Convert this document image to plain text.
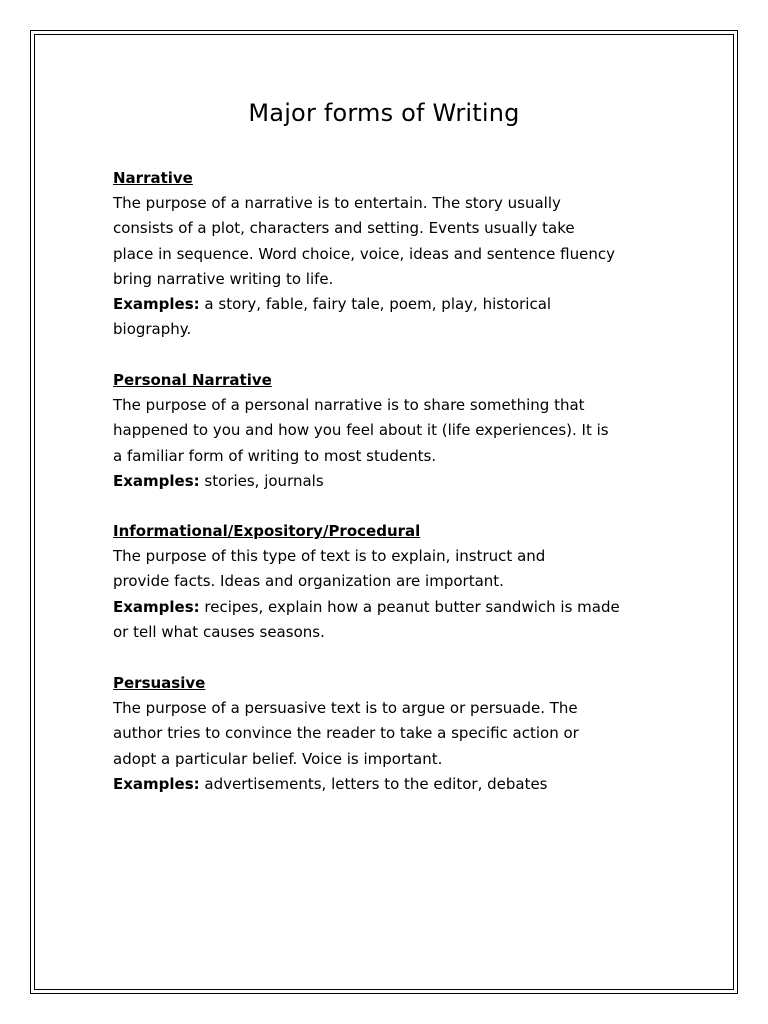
Major forms of Writing

Narrative

The purpose of a narrative is to entertain. The story usually

consists of a plot, characters and setting. Events usually take

place in sequence. Word choice, voice, ideas and sentence fluency

bring narrative writing to life.

Examples: a story, fable, fairy tale, poem, play, historical

biography.

Personal Narrative

The purpose of a personal narrative is to share something that

happened to you and how you feel about it (life experiences). It is

a familiar form of writing to most students.

Examples: stories, journals

Informational/Expository/Procedural

The purpose of this type of text is to explain, instruct and

provide facts. Ideas and organization are important.

Examples: recipes, explain how a peanut butter sandwich is made

or tell what causes seasons.

Persuasive

The purpose of a persuasive text is to argue or persuade. The

author tries to convince the reader to take a specific action or

adopt a particular belief. Voice is important.

Examples: advertisements, letters to the editor, debates
